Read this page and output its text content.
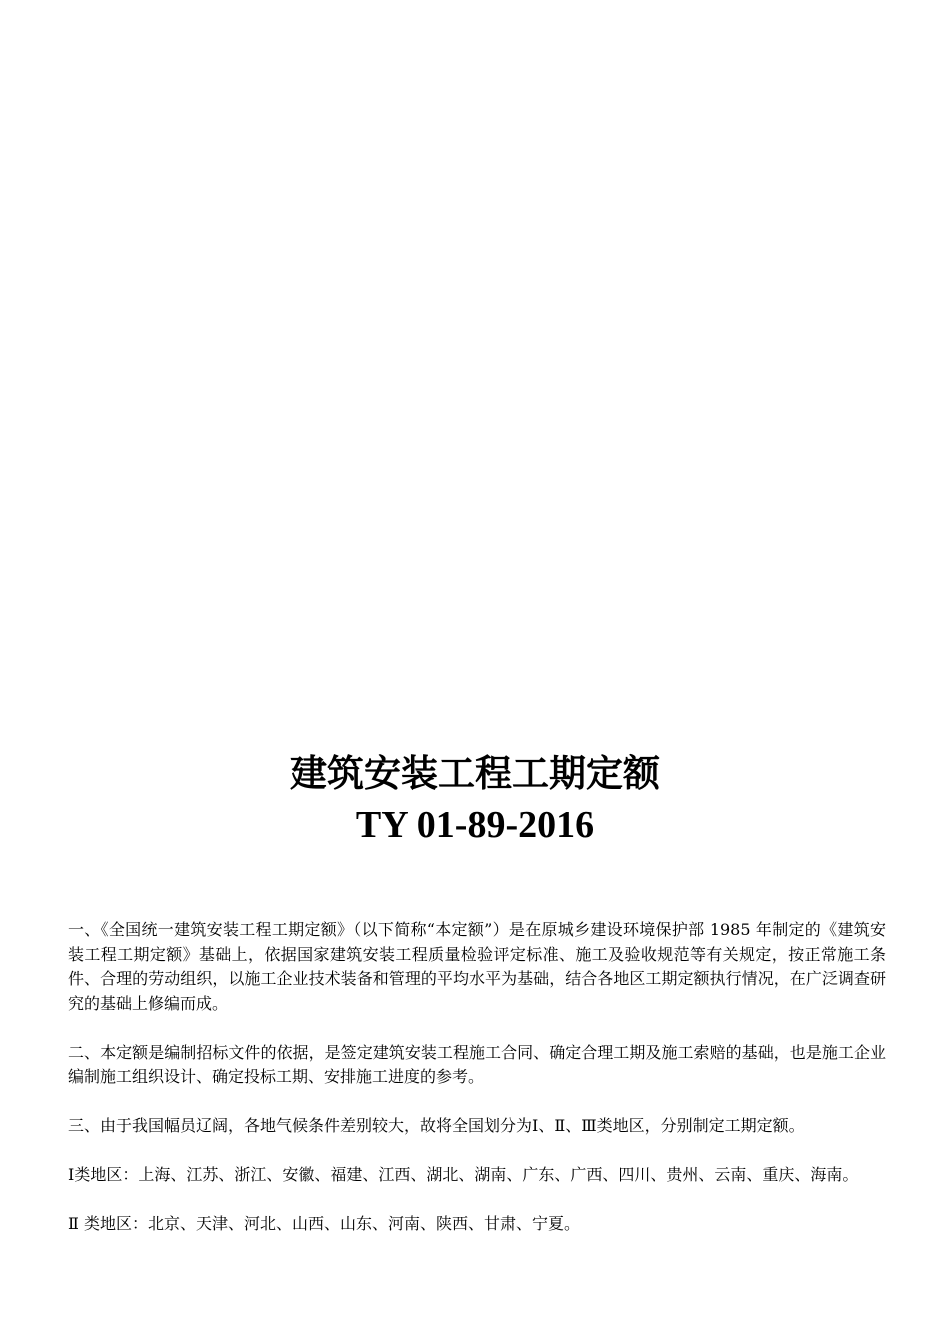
建筑安装工程工期定额
TY 01-89-2016

一、《全国统一建筑安装工程工期定额》（以下简称“本定额”）是在原城乡建设环境保护部 1985 年制定的《建筑安装工程工期定额》基础上，依据国家建筑安装工程质量检验评定标准、施工及验收规范等有关规定，按正常施工条件、合理的劳动组织，以施工企业技术装备和管理的平均水平为基础，结合各地区工期定额执行情况，在广泛调查研究的基础上修编而成。

二、本定额是编制招标文件的依据，是签定建筑安装工程施工合同、确定合理工期及施工索赔的基础，也是施工企业编制施工组织设计、确定投标工期、安排施工进度的参考。

三、由于我国幅员辽阔，各地气候条件差别较大，故将全国划分为Ⅰ、Ⅱ、Ⅲ类地区，分别制定工期定额。

Ⅰ类地区：上海、江苏、浙江、安徽、福建、江西、湖北、湖南、广东、广西、四川、贵州、云南、重庆、海南。

Ⅱ 类地区：北京、天津、河北、山西、山东、河南、陕西、甘肃、宁夏。
